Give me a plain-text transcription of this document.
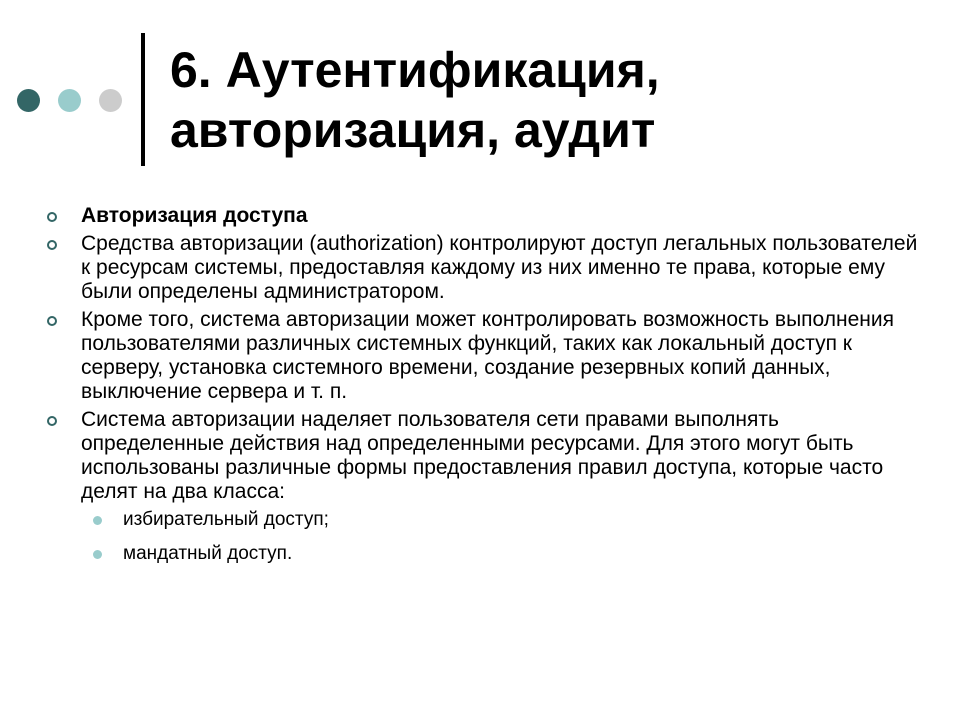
6. Аутентификация,
авторизация, аудит
Авторизация доступа
Средства авторизации (authorization) контролируют доступ легальных пользователей к ресурсам системы, предоставляя каждому из них именно те права, которые ему были определены администратором.
Кроме того, система авторизации может контролировать возможность выполнения пользователями различных системных функций, таких как локальный доступ к серверу, установка системного времени, создание резервных копий данных, выключение сервера и т. п.
Система авторизации наделяет пользователя сети правами выполнять определенные действия над определенными ресурсами. Для этого могут быть использованы различные формы предоставления правил доступа, которые часто делят на два класса:
избирательный доступ;
мандатный доступ.
